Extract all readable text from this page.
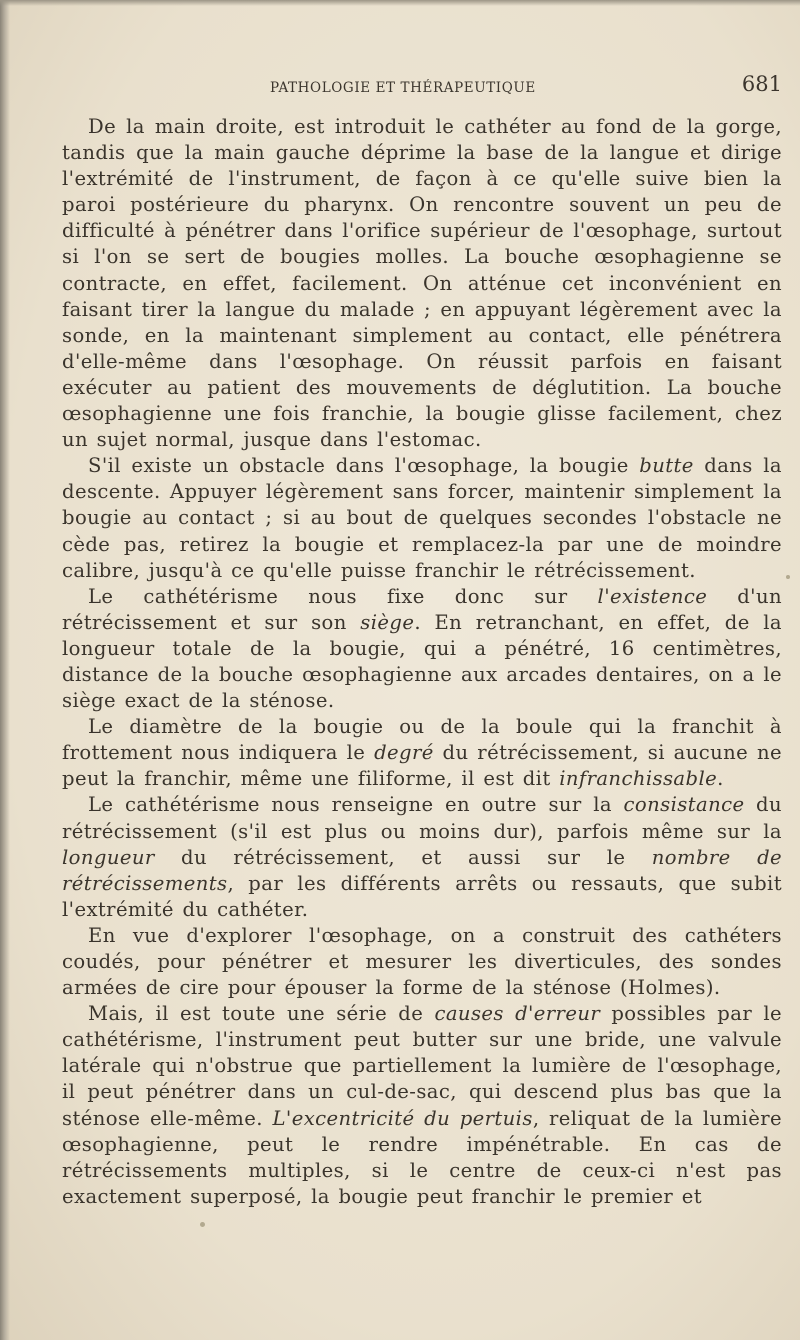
PATHOLOGIE ET THÉRAPEUTIQUE	681

De la main droite, est introduit le cathéter au fond de la gorge, tandis que la main gauche déprime la base de la langue et dirige l'extrémité de l'instrument, de façon à ce qu'elle suive bien la paroi postérieure du pharynx. On rencontre souvent un peu de difficulté à pénétrer dans l'orifice supérieur de l'œsophage, surtout si l'on se sert de bougies molles. La bouche œsophagienne se contracte, en effet, facilement. On atténue cet inconvénient en faisant tirer la langue du malade ; en appuyant légèrement avec la sonde, en la maintenant simplement au contact, elle pénétrera d'elle-même dans l'œsophage. On réussit parfois en faisant exécuter au patient des mouvements de déglutition. La bouche œsophagienne une fois franchie, la bougie glisse facilement, chez un sujet normal, jusque dans l'estomac.

S'il existe un obstacle dans l'œsophage, la bougie butte dans la descente. Appuyer légèrement sans forcer, maintenir simplement la bougie au contact ; si au bout de quelques secondes l'obstacle ne cède pas, retirez la bougie et remplacez-la par une de moindre calibre, jusqu'à ce qu'elle puisse franchir le rétrécissement.

Le cathétérisme nous fixe donc sur l'existence d'un rétrécissement et sur son siège. En retranchant, en effet, de la longueur totale de la bougie, qui a pénétré, 16 centimètres, distance de la bouche œsophagienne aux arcades dentaires, on a le siège exact de la sténose.

Le diamètre de la bougie ou de la boule qui la franchit à frottement nous indiquera le degré du rétrécissement, si aucune ne peut la franchir, même une filiforme, il est dit infranchissable.

Le cathétérisme nous renseigne en outre sur la consistance du rétrécissement (s'il est plus ou moins dur), parfois même sur la longueur du rétrécissement, et aussi sur le nombre de rétrécissements, par les différents arrêts ou ressauts, que subit l'extrémité du cathéter.

En vue d'explorer l'œsophage, on a construit des cathéters coudés, pour pénétrer et mesurer les diverticules, des sondes armées de cire pour épouser la forme de la sténose (Holmes).

Mais, il est toute une série de causes d'erreur possibles par le cathétérisme, l'instrument peut butter sur une bride, une valvule latérale qui n'obstrue que partiellement la lumière de l'œsophage, il peut pénétrer dans un cul-de-sac, qui descend plus bas que la sténose elle-même. L'excentricité du pertuis, reliquat de la lumière œsophagienne, peut le rendre impénétrable. En cas de rétrécissements multiples, si le centre de ceux-ci n'est pas exactement superposé, la bougie peut franchir le premier et
